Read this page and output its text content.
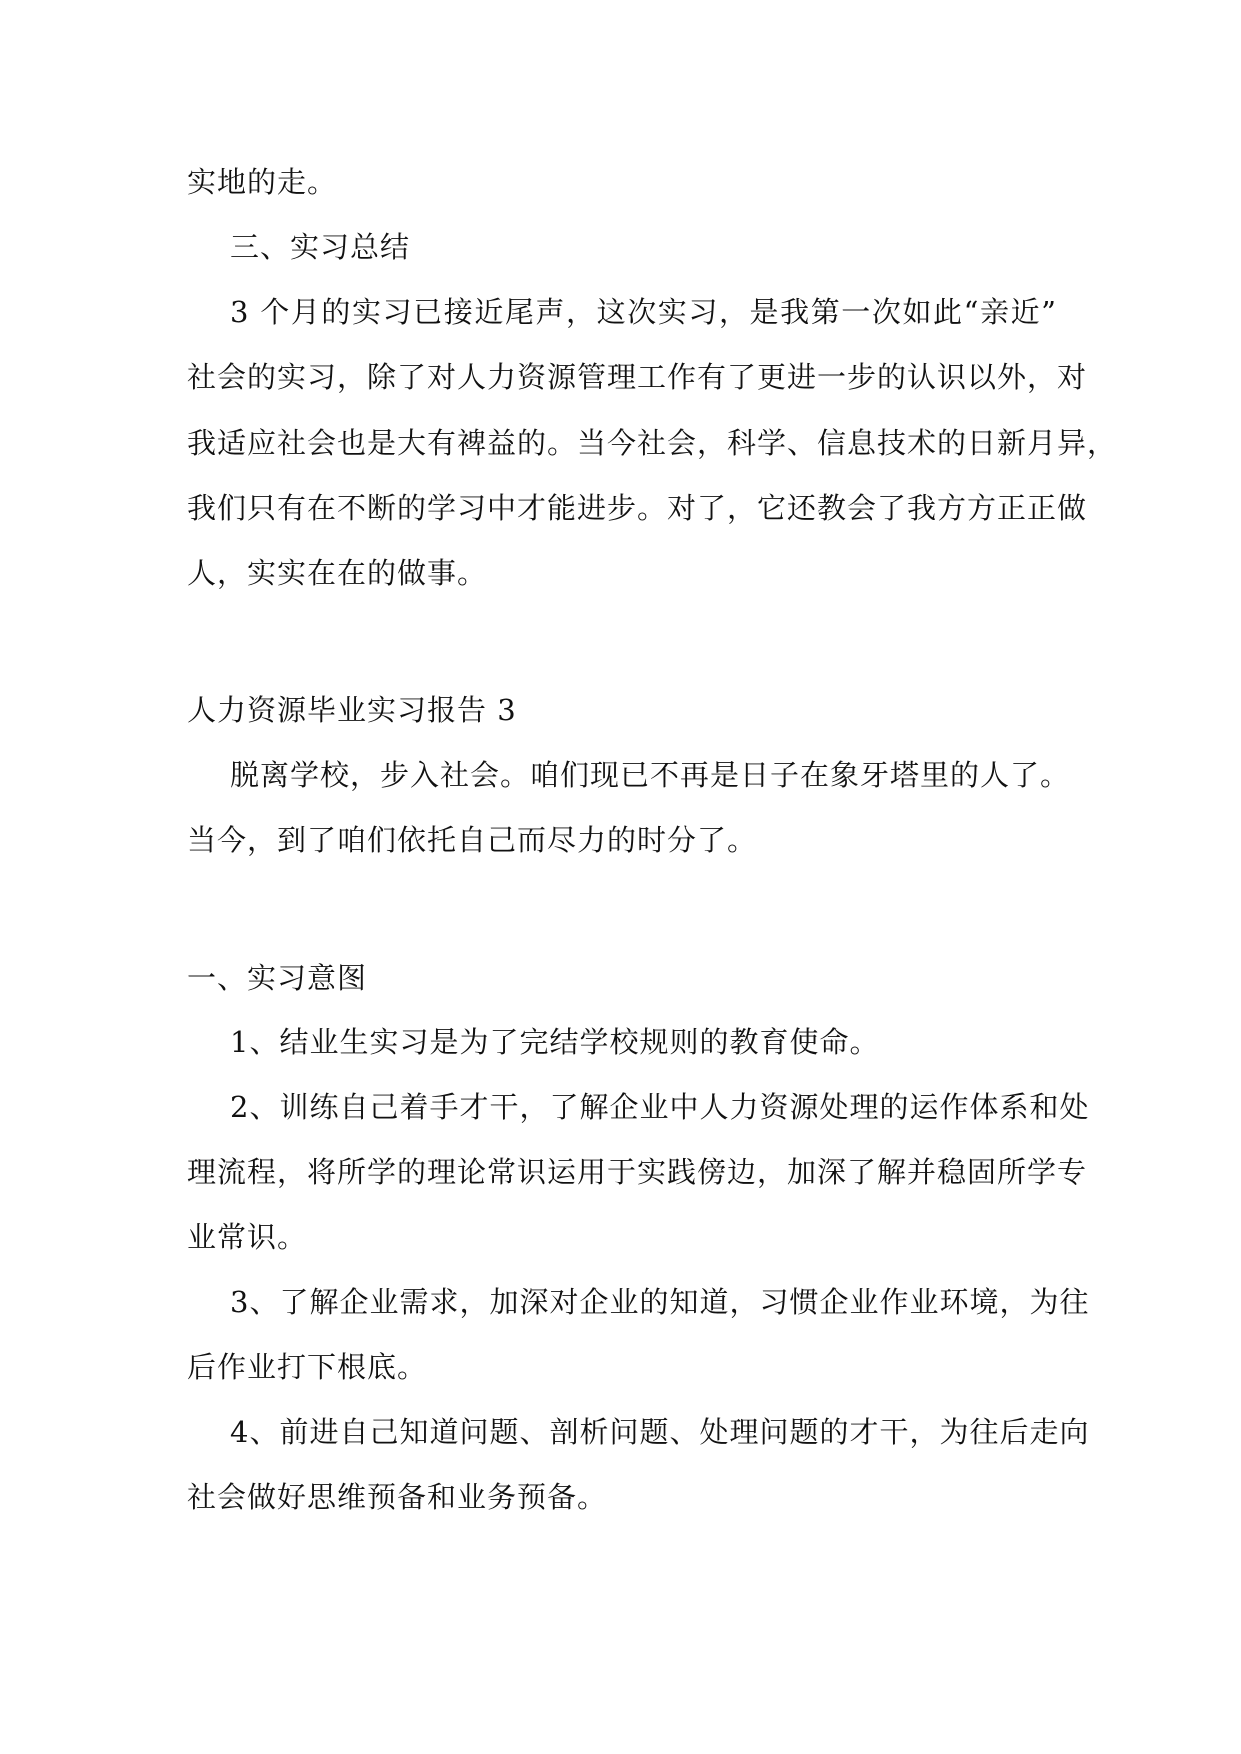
实地的走。
三、实习总结
3 个月的实习已接近尾声，这次实习，是我第一次如此“亲近”
社会的实习，除了对人力资源管理工作有了更进一步的认识以外，对
我适应社会也是大有裨益的。当今社会，科学、信息技术的日新月异，
我们只有在不断的学习中才能进步。对了，它还教会了我方方正正做
人，实实在在的做事。
人力资源毕业实习报告 3
脱离学校，步入社会。咱们现已不再是日子在象牙塔里的人了。
当今，到了咱们依托自己而尽力的时分了。
一、实习意图
1、结业生实习是为了完结学校规则的教育使命。
2、训练自己着手才干，了解企业中人力资源处理的运作体系和处
理流程，将所学的理论常识运用于实践傍边，加深了解并稳固所学专
业常识。
3、了解企业需求，加深对企业的知道，习惯企业作业环境，为往
后作业打下根底。
4、前进自己知道问题、剖析问题、处理问题的才干，为往后走向
社会做好思维预备和业务预备。
